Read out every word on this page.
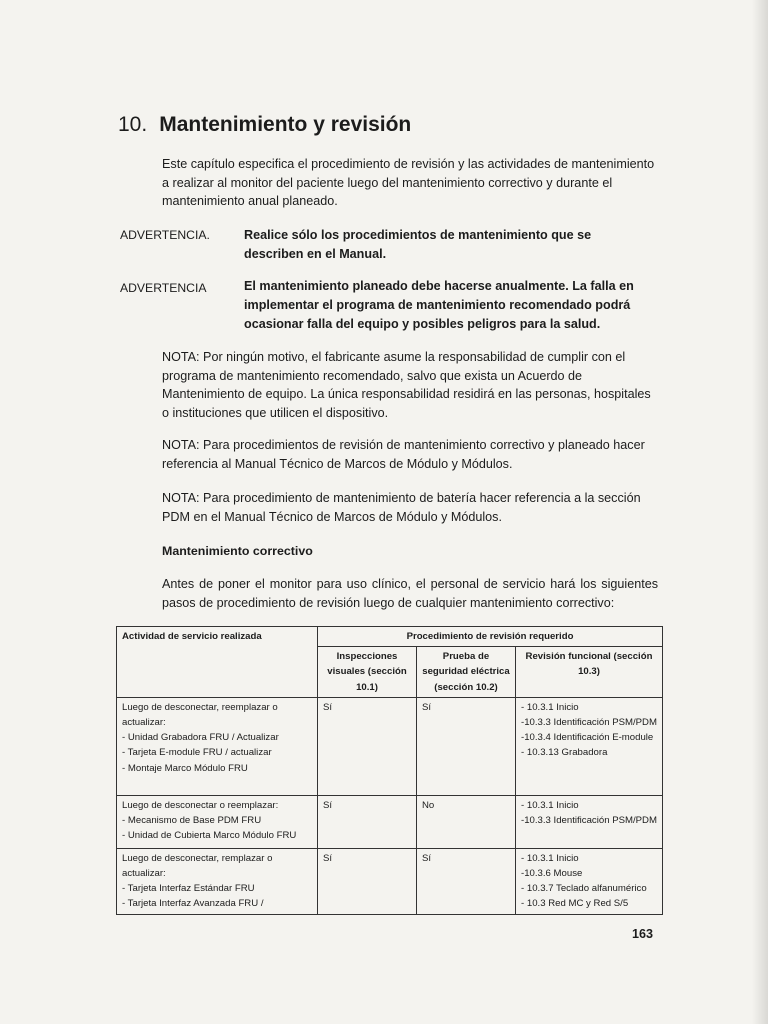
10. Mantenimiento y revisión

Este capítulo especifica el procedimiento de revisión y las actividades de mantenimiento a realizar al monitor del paciente luego del mantenimiento correctivo y durante el mantenimiento anual planeado.

ADVERTENCIA.	Realice sólo los procedimientos de mantenimiento que se describen en el Manual.
ADVERTENCIA	El mantenimiento planeado debe hacerse anualmente. La falla en implementar el programa de mantenimiento recomendado podrá ocasionar falla del equipo y posibles peligros para la salud.

NOTA: Por ningún motivo, el fabricante asume la responsabilidad de cumplir con el programa de mantenimiento recomendado, salvo que exista un Acuerdo de Mantenimiento de equipo. La única responsabilidad residirá en las personas, hospitales o instituciones que utilicen el dispositivo.

NOTA: Para procedimientos de revisión de mantenimiento correctivo y planeado hacer referencia al Manual Técnico de Marcos de Módulo y Módulos.

NOTA: Para procedimiento de mantenimiento de batería hacer referencia a la sección PDM en el Manual Técnico de Marcos de Módulo y Módulos.

Mantenimiento correctivo

Antes de poner el monitor para uso clínico, el personal de servicio hará los siguientes pasos de procedimiento de revisión luego de cualquier mantenimiento correctivo:

Actividad de servicio realizada	Procedimiento de revisión requerido		
	Inspecciones visuales (sección 10.1)	Prueba de seguridad eléctrica (sección 10.2)	Revisión funcional (sección 10.3)

Luego de desconectar, reemplazar o actualizar:
- Unidad Grabadora FRU / Actualizar
- Tarjeta E-module FRU / actualizar
- Montaje Marco Módulo FRU	Sí	Sí	- 10.3.1 Inicio
-10.3.3 Identificación PSM/PDM
-10.3.4 Identificación E-module
- 10.3.13 Grabadora

Luego de desconectar o reemplazar:
- Mecanismo de Base PDM FRU
- Unidad de Cubierta Marco Módulo FRU	Sí	No	- 10.3.1 Inicio
-10.3.3 Identificación PSM/PDM

Luego de desconectar, remplazar o actualizar:
- Tarjeta Interfaz Estándar FRU
- Tarjeta Interfaz Avanzada FRU /	Sí	Sí	- 10.3.1 Inicio
-10.3.6 Mouse
- 10.3.7 Teclado alfanumérico
- 10.3 Red MC y Red S/5
163
